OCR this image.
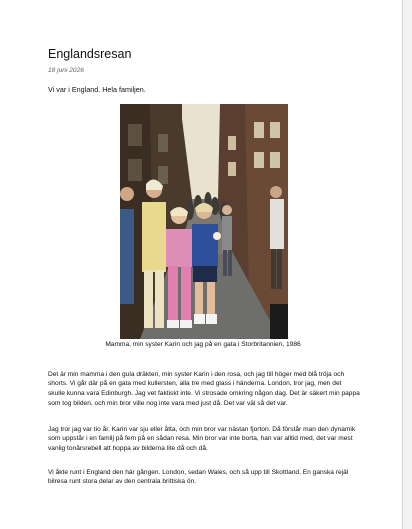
Englandsresan
18 juni 2026
Vi var i England. Hela familjen.
Mamma, min syster Karin och jag på en gata i Storbritannien, 1986

Det är min mamma i den gula dräkten, min syster Karin i den rosa, och jag till höger med blå tröja och shorts. Vi går där på en gata med kullersten, alla tre med glass i händerna. London, tror jag, men det skulle kunna vara Edinburgh. Jag vet faktiskt inte. Vi strosade omkring någon dag. Det är säkert min pappa som tog bilden, och min bror ville nog inte vara med just då. Det var väl så det var.

Jag tror jag var tio år. Karin var sju eller åtta, och min bror var nästan fjorton. Då förstår man den dynamik som uppstår i en familj på fem på en sådan resa. Min bror var inte borta, han var alltid med, det var mest vanlig tonårsrebell att hoppa av bilderna lite då och då.

Vi åkte runt i England den här gången. London, sedan Wales, och så upp till Skottland. En ganska rejäl bilresa runt stora delar av den centrala brittiska ön.
